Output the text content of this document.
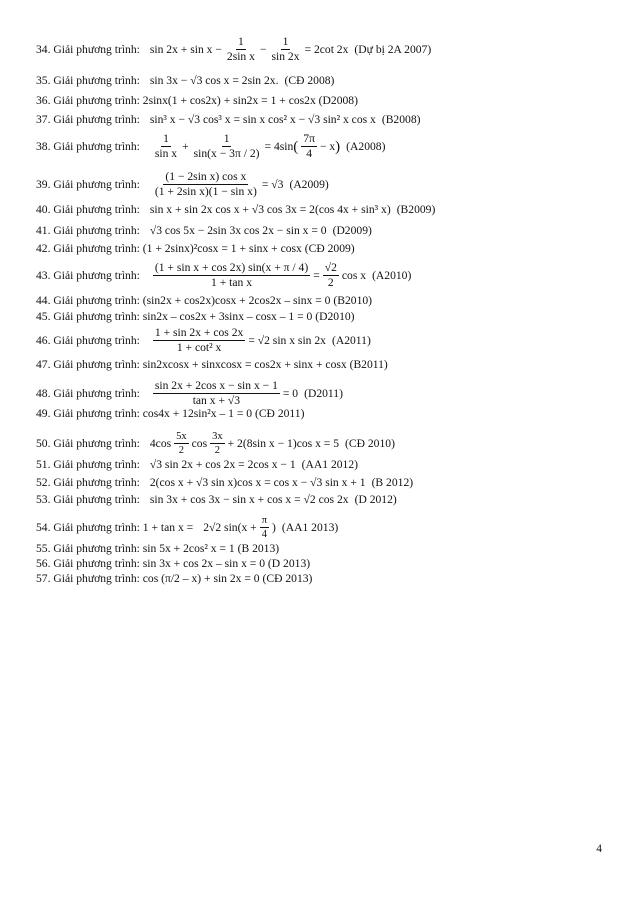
34. Giải phương trình: $\sin 2x + \sin x - \frac{1}{\text{2sin x}} - \frac{1}{\sin 2x} = 2\cot$ 2x (Dự bị 2A 2007)
35. Giải phương trình: sin 3x − √3 cos x = 2sin 2x. (CĐ 2008)
36. Giải phương trình: 2sinx(1 + cos2x) + sin2x = 1 + cos2x (D2008)
37. Giải phương trình: sin³ x − √3 cos³ x = sin x cos² x − √3 sin² x cos x (B2008)
38. Giải phương trình: $\frac{1}{\text{sin x}} + \frac{1}{\sin(x - 3\pi / 2)} = 4\sin$ ( $\frac{7\pi}{4} - x$ ) (A2008)
39. Giải phương trình: $\frac{\text{(1 − 2sin x) cos x}}{\text{(1 + 2sin x)(1 − sin x)}} = √3$ (A2009)
40. Giải phương trình: sin x + sin 2x cos x + √3 cos 3x = 2(cos 4x + sin³ x) (B2009)
41. Giải phương trình: √3 cos 5x − 2sin 3x cos 2x − sin x = 0 (D2009)
42. Giải phương trình: (1 + 2sinx)²cosx = 1 + sinx + cosx (CĐ 2009)
43. Giải phương trình: $\frac{\text{(1 + sin x + cos 2x) sin(x + π / 4)}}{\text{1 + tan x}} = \frac{√2}{2}$ cos x (A2010)
44. Giải phương trình: (sin2x + cos2x)cosx + 2cos2x – sinx = 0 (B2010)
45. Giải phương trình: sin2x – cos2x + 3sinx – cosx – 1 = 0 (D2010)
46. Giải phương trình: $\frac{1 + \sin 2x + \cos 2x}{\text{1 + cot² x}} = √2$ sin x sin 2x (A2011)
47. Giải phương trình: sin2xcosx + sinxcosx = cos2x + sinx + cosx (B2011)
48. Giải phương trình: $\frac{\text{sin 2x + 2cos x − sin x − 1}}{\text{tan x + √3}} = 0$ (D2011)
49. Giải phương trình: cos4x + 12sin²x – 1 = 0 (CĐ 2011)
50. Giải phương trình: $4\cos \frac{5x}{2}$ $\cos \frac{3x}{2} + 2(8\sin$ x − 1)cos x = 5 (CĐ 2010)
51. Giải phương trình: √3 sin 2x + cos 2x = 2cos x − 1 (AA1 2012)
52. Giải phương trình: 2(cos x + √3 sin x)cos x = cos x − √3 sin x + 1 (B 2012)
53. Giải phương trình: sin 3x + cos 3x − sin x + cos x = √2 cos 2x (D 2012)
54. Giải phương trình: 1 + tan x = 2√2 $\sin(x + \frac{\pi}{4}$ ) (AA1 2013)
55. Giải phương trình: sin 5x + 2cos² x = 1 (B 2013)
56. Giải phương trình: sin 3x + cos 2x – sin x = 0 (D 2013)
57. Giải phương trình: cos (π/2 – x) + sin 2x = 0 (CĐ 2013)
4
